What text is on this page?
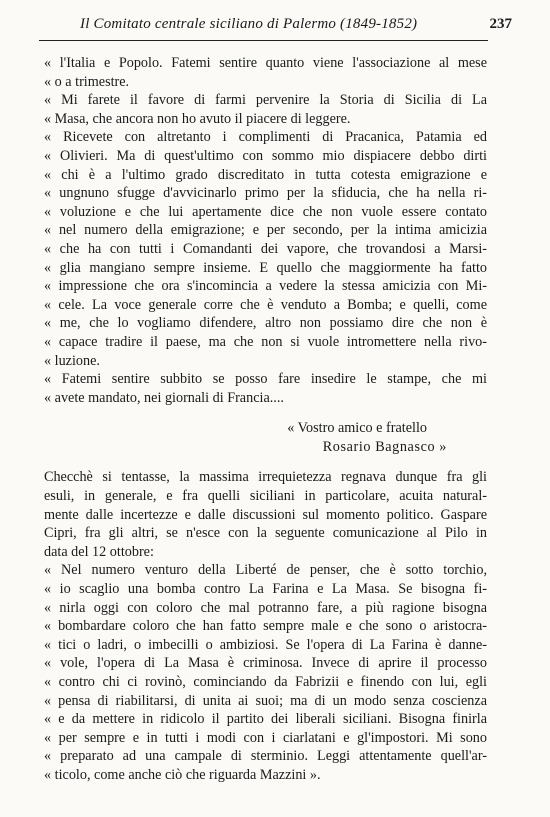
Il Comitato centrale siciliano di Palermo (1849-1852)	237
« l'Italia e Popolo. Fatemi sentire quanto viene l'associazione al mese
« o a trimestre.
« Mi farete il favore di farmi pervenire la Storia di Sicilia di La
« Masa, che ancora non ho avuto il piacere di leggere.
« Ricevete con altretanto i complimenti di Pracanica, Patamia ed
« Olivieri. Ma di quest'ultimo con sommo mio dispiacere debbo dirti
« chi è a l'ultimo grado discreditato in tutta cotesta emigrazione e
« ungnuno sfugge d'avvicinarlo primo per la sfiducia, che ha nella ri-
« voluzione e che lui apertamente dice che non vuole essere contato
« nel numero della emigrazione; e per secondo, per la intima amicizia
« che ha con tutti i Comandanti dei vapore, che trovandosi a Marsi-
« glia mangiano sempre insieme. E quello che maggiormente ha fatto
« impressione che ora s'incomincia a vedere la stessa amicizia con Mi-
« cele. La voce generale corre che è venduto a Bomba; e quelli, come
« me, che lo vogliamo difendere, altro non possiamo dire che non è
« capace tradire il paese, ma che non si vuole intromettere nella rivo-
« luzione.
« Fatemi sentire subbito se posso fare insedire le stampe, che mi
« avete mandato, nei giornali di Francia....
« Vostro amico e fratello
Rosario Bagnasco »
Checchè si tentasse, la massima irrequietezza regnava dunque fra gli
esuli, in generale, e fra quelli siciliani in particolare, acuita natural-
mente dalle incertezze e dalle discussioni sul momento politico. Gaspare
Cipri, fra gli altri, se n'esce con la seguente comunicazione al Pilo in
data del 12 ottobre:
« Nel numero venturo della Liberté de penser, che è sotto torchio,
« io scaglio una bomba contro La Farina e La Masa. Se bisogna fi-
« nirla oggi con coloro che mal potranno fare, a più ragione bisogna
« bombardare coloro che han fatto sempre male e che sono o aristocra-
« tici o ladri, o imbecilli o ambiziosi. Se l'opera di La Farina è danne-
« vole, l'opera di La Masa è criminosa. Invece di aprire il processo
« contro chi ci rovinò, cominciando da Fabrizii e finendo con lui, egli
« pensa di riabilitarsi, di unita ai suoi; ma di un modo senza coscienza
« e da mettere in ridicolo il partito dei liberali siciliani. Bisogna finirla
« per sempre e in tutti i modi con i ciarlatani e gl'impostori. Mi sono
« preparato ad una campale di sterminio. Leggi attentamente quell'ar-
« ticolo, come anche ciò che riguarda Mazzini ».
